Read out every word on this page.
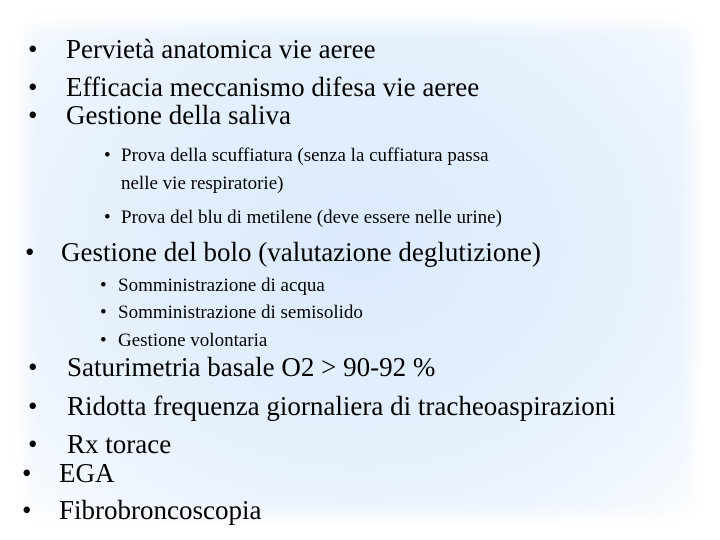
• Pervietà anatomica vie aeree
• Efficacia meccanismo difesa vie aeree
• Gestione della saliva
• Prova della scuffiatura (senza la cuffiatura passa
nelle vie respiratorie)
• Prova del blu di metilene (deve essere nelle urine)
• Gestione del bolo (valutazione deglutizione)
• Somministrazione di acqua
• Somministrazione di semisolido
• Gestione volontaria
• Saturimetria basale O2 > 90-92 %
• Ridotta frequenza giornaliera di tracheoaspirazioni
• Rx torace
• EGA
• Fibrobroncoscopia
